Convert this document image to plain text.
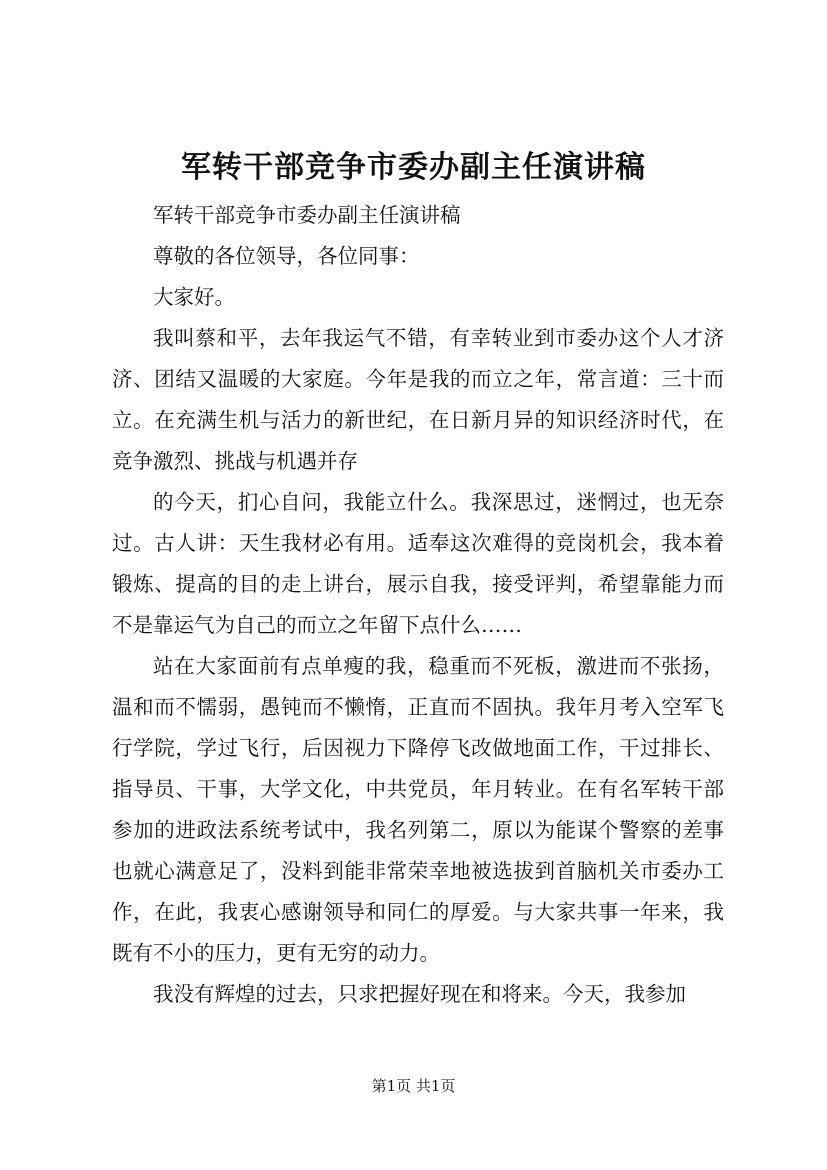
军转干部竞争市委办副主任演讲稿

军转干部竞争市委办副主任演讲稿

尊敬的各位领导，各位同事：

大家好。

我叫蔡和平，去年我运气不错，有幸转业到市委办这个人才济济、团结又温暖的大家庭。今年是我的而立之年，常言道：三十而立。在充满生机与活力的新世纪，在日新月异的知识经济时代，在竞争激烈、挑战与机遇并存

的今天，扪心自问，我能立什么。我深思过，迷惘过，也无奈过。古人讲：天生我材必有用。适奉这次难得的竞岗机会，我本着锻炼、提高的目的走上讲台，展示自我，接受评判，希望靠能力而不是靠运气为自己的而立之年留下点什么……

站在大家面前有点单瘦的我，稳重而不死板，激进而不张扬，温和而不懦弱，愚钝而不懒惰，正直而不固执。我年月考入空军飞行学院，学过飞行，后因视力下降停飞改做地面工作，干过排长、指导员、干事，大学文化，中共党员，年月转业。在有名军转干部参加的进政法系统考试中，我名列第二，原以为能谋个警察的差事也就心满意足了，没料到能非常荣幸地被选拔到首脑机关市委办工作，在此，我衷心感谢领导和同仁的厚爱。与大家共事一年来，我既有不小的压力，更有无穷的动力。

我没有辉煌的过去，只求把握好现在和将来。今天，我参加

第1页 共1页
